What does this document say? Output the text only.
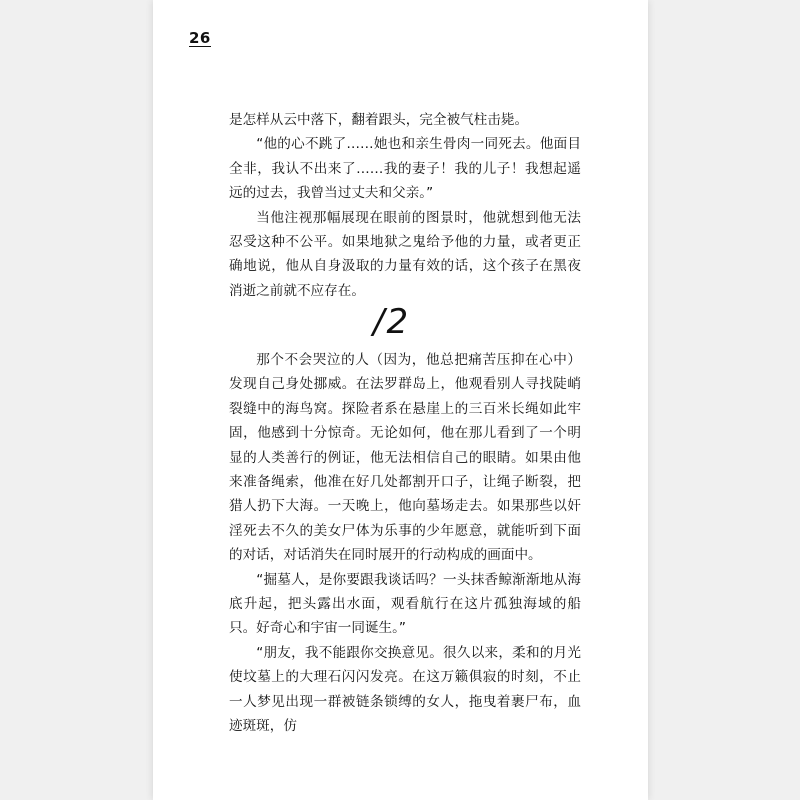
26

是怎样从云中落下，翻着跟头，完全被气柱击毙。

“他的心不跳了……她也和亲生骨肉一同死去。他面目全非，我认不出来了……我的妻子！我的儿子！我想起遥远的过去，我曾当过丈夫和父亲。”

当他注视那幅展现在眼前的图景时，他就想到他无法忍受这种不公平。如果地狱之鬼给予他的力量，或者更正确地说，他从自身汲取的力量有效的话，这个孩子在黑夜消逝之前就不应存在。

/2

那个不会哭泣的人（因为，他总把痛苦压抑在心中）发现自己身处挪威。在法罗群岛上，他观看别人寻找陡峭裂缝中的海鸟窝。探险者系在悬崖上的三百米长绳如此牢固，他感到十分惊奇。无论如何，他在那儿看到了一个明显的人类善行的例证，他无法相信自己的眼睛。如果由他来准备绳索，他准在好几处都割开口子，让绳子断裂，把猎人扔下大海。一天晚上，他向墓场走去。如果那些以奸淫死去不久的美女尸体为乐事的少年愿意，就能听到下面的对话，对话消失在同时展开的行动构成的画面中。

“掘墓人，是你要跟我谈话吗？一头抹香鲸渐渐地从海底升起，把头露出水面，观看航行在这片孤独海域的船只。好奇心和宇宙一同诞生。”

“朋友，我不能跟你交换意见。很久以来，柔和的月光使坟墓上的大理石闪闪发亮。在这万籁俱寂的时刻，不止一人梦见出现一群被链条锁缚的女人，拖曳着裹尸布，血迹斑斑，仿
